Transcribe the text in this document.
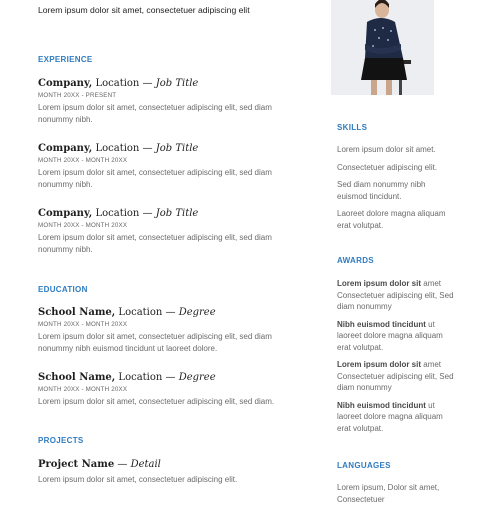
Lorem ipsum dolor sit amet, consectetuer adipiscing elit
EXPERIENCE
Company, Location — Job Title
MONTH 20XX - PRESENT
Lorem ipsum dolor sit amet, consectetuer adipiscing elit, sed diam nonummy nibh.
Company, Location — Job Title
MONTH 20XX - MONTH 20XX
Lorem ipsum dolor sit amet, consectetuer adipiscing elit, sed diam nonummy nibh.
Company, Location — Job Title
MONTH 20XX - MONTH 20XX
Lorem ipsum dolor sit amet, consectetuer adipiscing elit, sed diam nonummy nibh.
EDUCATION
School Name, Location — Degree
MONTH 20XX - MONTH 20XX
Lorem ipsum dolor sit amet, consectetuer adipiscing elit, sed diam nonummy nibh euismod tincidunt ut laoreet dolore.
School Name, Location — Degree
MONTH 20XX - MONTH 20XX
Lorem ipsum dolor sit amet, consectetuer adipiscing elit, sed diam.
PROJECTS
Project Name — Detail
Lorem ipsum dolor sit amet, consectetuer adipiscing elit.
SKILLS

Lorem ipsum dolor sit amet.

Consectetuer adipiscing elit.

Sed diam nonummy nibh euismod tincidunt.

Laoreet dolore magna aliquam erat volutpat.

AWARDS

Lorem ipsum dolor sit amet Consectetuer adipiscing elit, Sed diam nonummy

Nibh euismod tincidunt ut laoreet dolore magna aliquam erat volutpat.

Lorem ipsum dolor sit amet Consectetuer adipiscing elit, Sed diam nonummy

Nibh euismod tincidunt ut laoreet dolore magna aliquam erat volutpat.

LANGUAGES

Lorem ipsum, Dolor sit amet, Consectetuer
